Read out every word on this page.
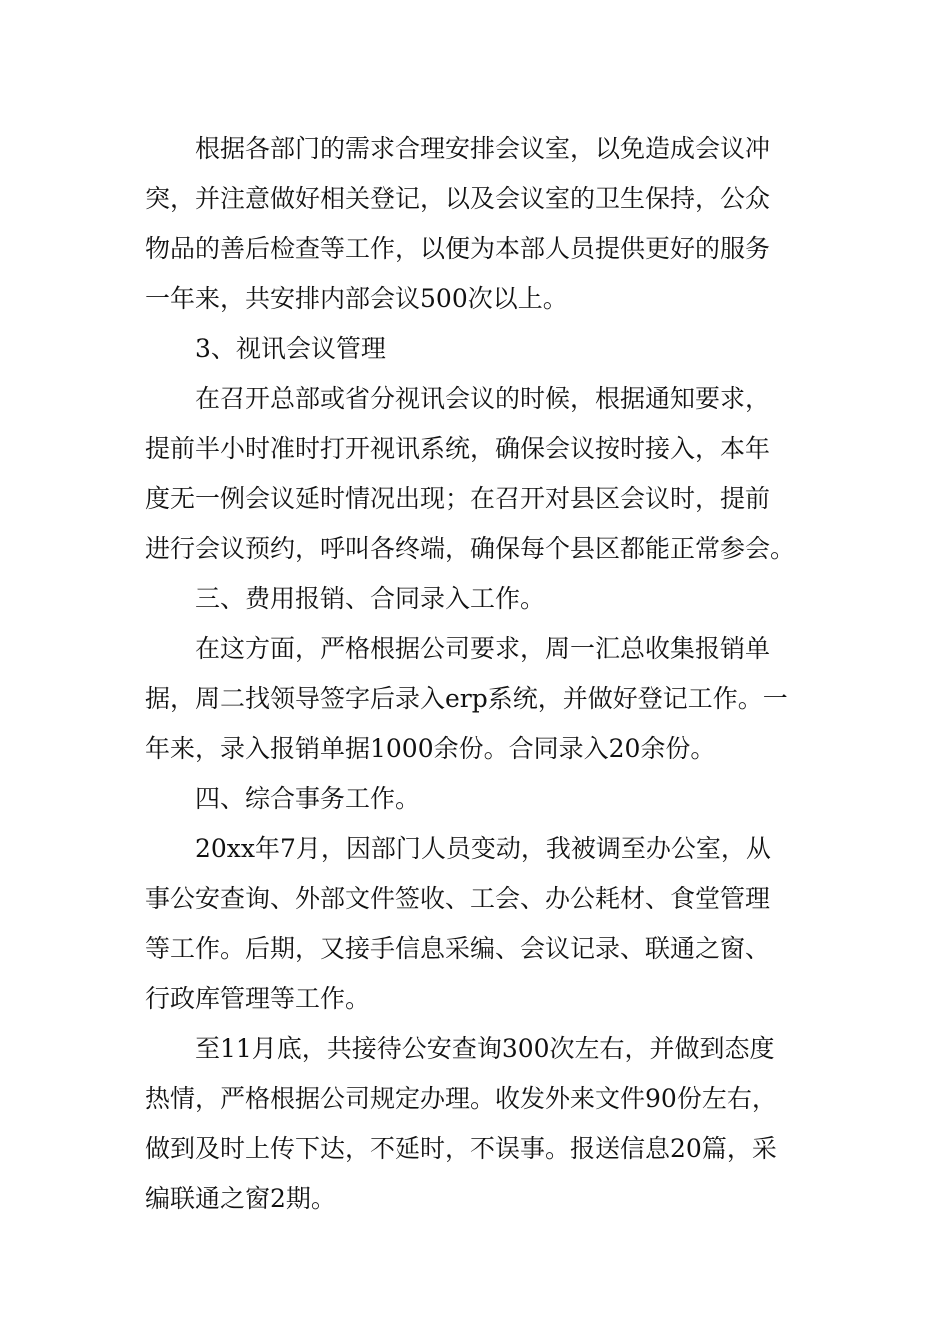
　　根据各部门的需求合理安排会议室，以免造成会议冲
突，并注意做好相关登记，以及会议室的卫生保持，公众
物品的善后检查等工作，以便为本部人员提供更好的服务
一年来，共安排内部会议500次以上。
　　3、视讯会议管理
　　在召开总部或省分视讯会议的时候，根据通知要求，
提前半小时准时打开视讯系统，确保会议按时接入，本年
度无一例会议延时情况出现；在召开对县区会议时，提前
进行会议预约，呼叫各终端，确保每个县区都能正常参会。
　　三、费用报销、合同录入工作。
　　在这方面，严格根据公司要求，周一汇总收集报销单
据，周二找领导签字后录入erp系统，并做好登记工作。一
年来，录入报销单据1000余份。合同录入20余份。
　　四、综合事务工作。
　　20xx年7月，因部门人员变动，我被调至办公室，从
事公安查询、外部文件签收、工会、办公耗材、食堂管理
等工作。后期，又接手信息采编、会议记录、联通之窗、
行政库管理等工作。
　　至11月底，共接待公安查询300次左右，并做到态度
热情，严格根据公司规定办理。收发外来文件90份左右，
做到及时上传下达，不延时，不误事。报送信息20篇，采
编联通之窗2期。
